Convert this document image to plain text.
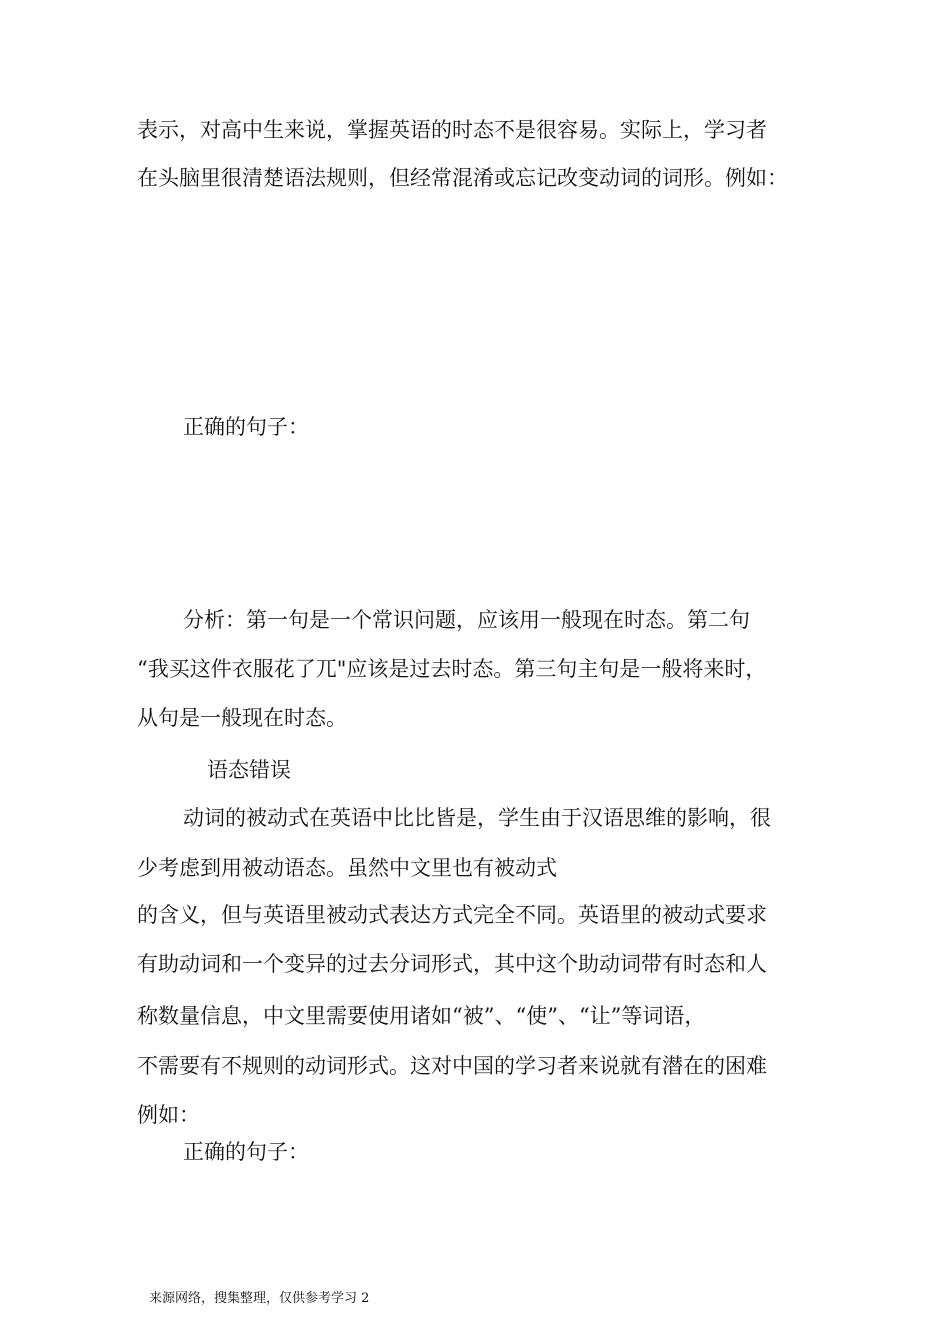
表示，对高中生来说，掌握英语的时态不是很容易。实际上，学习者
在头脑里很清楚语法规则，但经常混淆或忘记改变动词的词形。例如：
正确的句子：
分析：第一句是一个常识问题，应该用一般现在时态。第二句
“我买这件衣服花了兀"应该是过去时态。第三句主句是一般将来时，
从句是一般现在时态。
语态错误
动词的被动式在英语中比比皆是，学生由于汉语思维的影响，很
少考虑到用被动语态。虽然中文里也有被动式
的含义，但与英语里被动式表达方式完全不同。英语里的被动式要求
有助动词和一个变异的过去分词形式，其中这个助动词带有时态和人
称数量信息，中文里需要使用诸如“被”、“使”、“让”等词语，
不需要有不规则的动词形式。这对中国的学习者来说就有潜在的困难
例如：
正确的句子：
来源网络，搜集整理，仅供参考学习 2
